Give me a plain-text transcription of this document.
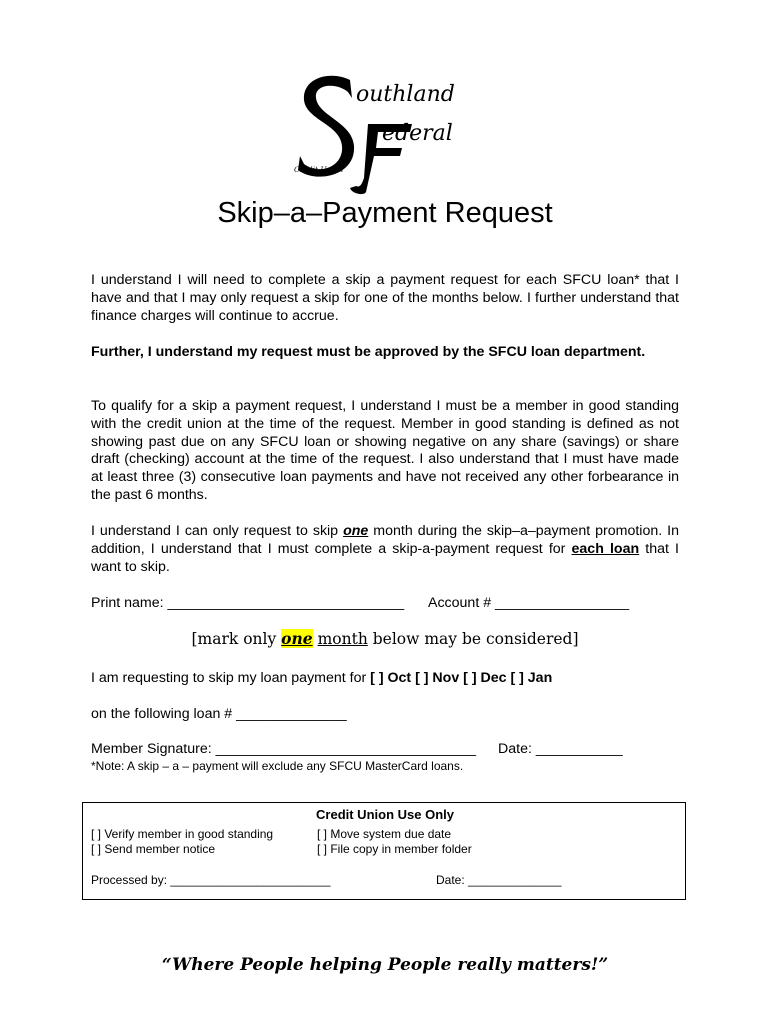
outhland
ederal
Credit Union
Skip–a–Payment Request

I understand I will need to complete a skip a payment request for each SFCU loan* that I have and that I may only request a skip for one of the months below. I further understand that finance charges will continue to accrue.

Further, I understand my request must be approved by the SFCU loan department.

To qualify for a skip a payment request, I understand I must be a member in good standing with the credit union at the time of the request. Member in good standing is defined as not showing past due on any SFCU loan or showing negative on any share (savings) or share draft (checking) account at the time of the request. I also understand that I must have made at least three (3) consecutive loan payments and have not received any other forbearance in the past 6 months.

I understand I can only request to skip one month during the skip–a–payment promotion. In addition, I understand that I must complete a skip-a-payment request for each loan that I want to skip.

Print name: ______________________________ Account # _________________
[mark only one month below may be considered]
I am requesting to skip my loan payment for [ ] Oct [ ] Nov [ ] Dec [ ] Jan
on the following loan # ______________
Member Signature: _________________________________ Date: ___________
*Note: A skip – a – payment will exclude any SFCU MasterCard loans.
Credit Union Use Only
[ ] Verify member in good standing
[ ] Send member notice
[ ] Move system due date
[ ] File copy in member folder
Processed by: ________________________	Date: ______________
“Where People helping People really matters!”
